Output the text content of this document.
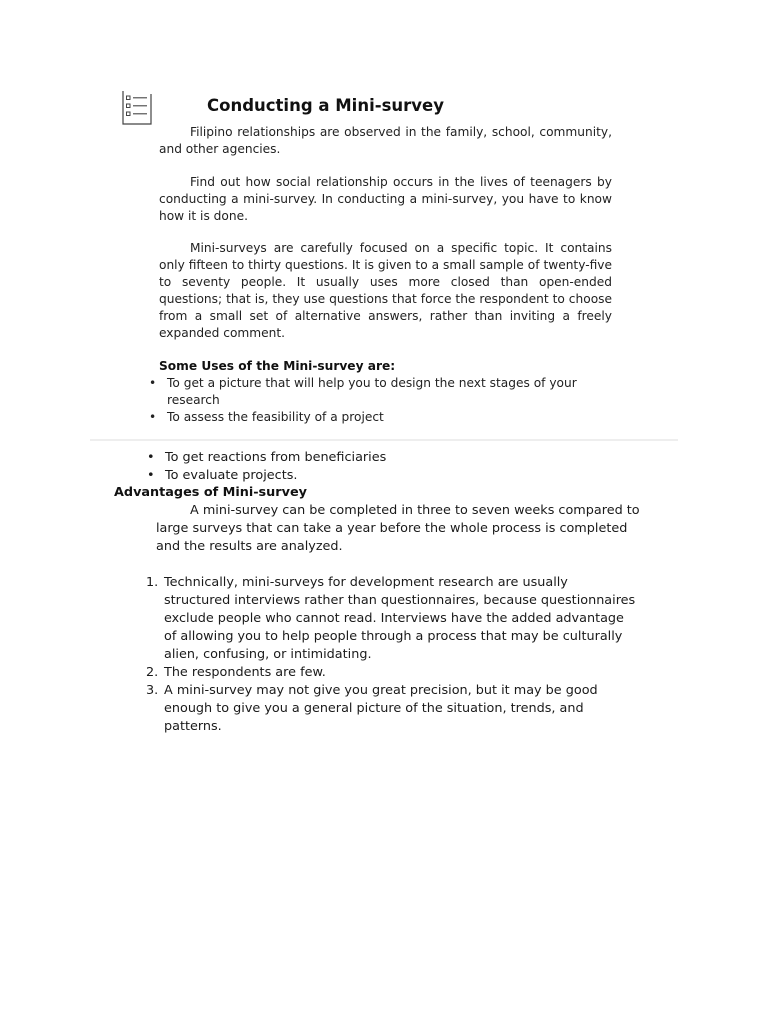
Conducting a Mini-survey

Filipino relationships are observed in the family, school, community, and other agencies.

Find out how social relationship occurs in the lives of teenagers by conducting a mini-survey. In conducting a mini-survey, you have to know how it is done.

Mini-surveys are carefully focused on a specific topic. It contains only fifteen to thirty questions. It is given to a small sample of twenty-five to seventy people. It usually uses more closed than open-ended questions; that is, they use questions that force the respondent to choose from a small set of alternative answers, rather than inviting a freely expanded comment.

Some Uses of the Mini-survey are:
• To get a picture that will help you to design the next stages of your research
• To assess the feasibility of a project
• To get reactions from beneficiaries
• To evaluate projects.
Advantages of Mini-survey

A mini-survey can be completed in three to seven weeks compared to large surveys that can take a year before the whole process is completed and the results are analyzed.

1. Technically, mini-surveys for development research are usually structured interviews rather than questionnaires, because questionnaires exclude people who cannot read. Interviews have the added advantage of allowing you to help people through a process that may be culturally alien, confusing, or intimidating.
2. The respondents are few.
3. A mini-survey may not give you great precision, but it may be good enough to give you a general picture of the situation, trends, and patterns.
